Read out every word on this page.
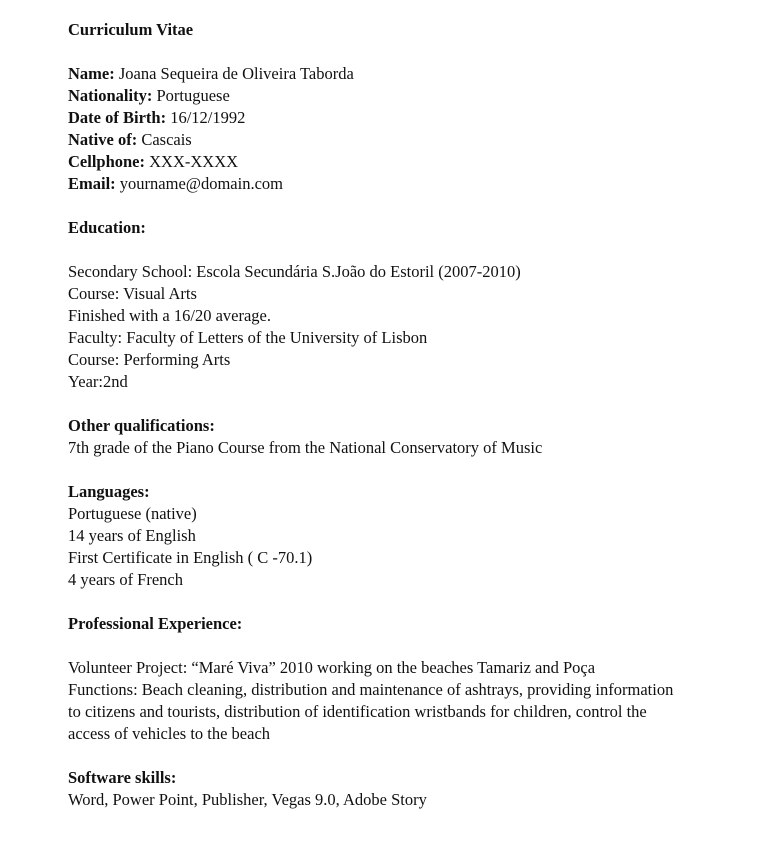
Curriculum Vitae
Name: Joana Sequeira de Oliveira Taborda
Nationality: Portuguese
Date of Birth: 16/12/1992
Native of: Cascais
Cellphone: XXX-XXXX
Email: yourname@domain.com
Education:
Secondary School: Escola Secundária S.João do Estoril (2007-2010)
Course: Visual Arts
Finished with a 16/20 average.
Faculty: Faculty of Letters of the University of Lisbon
Course: Performing Arts
Year:2nd
Other qualifications:
7th grade of the Piano Course from the National Conservatory of Music
Languages:
Portuguese (native)
14 years of English
First Certificate in English ( C -70.1)
4 years of French
Professional Experience:
Volunteer Project: “Maré Viva” 2010 working on the beaches Tamariz and Poça
Functions: Beach cleaning, distribution and maintenance of ashtrays, providing information to citizens and tourists, distribution of identification wristbands for children, control the access of vehicles to the beach
Software skills:
Word, Power Point, Publisher, Vegas 9.0, Adobe Story
